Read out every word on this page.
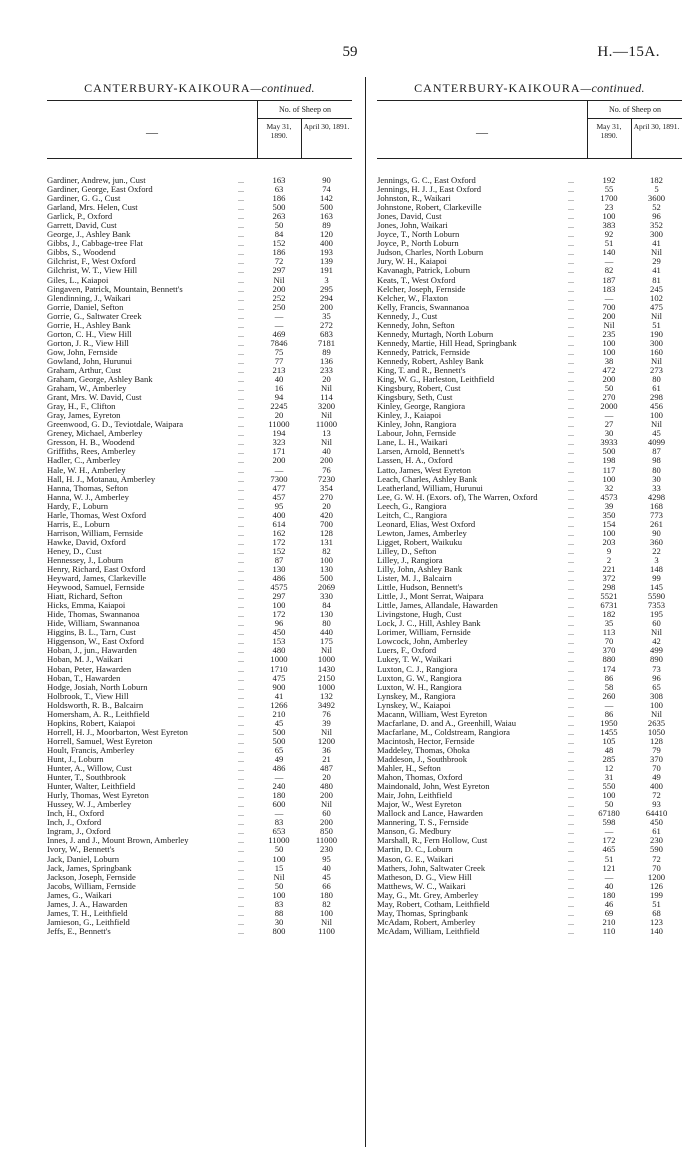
59	H.—15A.
CANTERBURY-KAIKOURA—continued.
—
No. of Sheep on
May 31, 1890.
April 30, 1891.
Gardiner, Andrew, jun., Cust	...	163	90
Gardiner, George, East Oxford	...	63	74
Gardiner, G. G., Cust	...	186	142
Garland, Mrs. Helen, Cust	...	500	500
Garlick, P., Oxford	...	263	163
Garrett, David, Cust	...	50	89
George, J., Ashley Bank	...	84	120
Gibbs, J., Cabbage-tree Flat	...	152	400
Gibbs, S., Woodend	...	186	193
Gilchrist, F., West Oxford	...	72	139
Gilchrist, W. T., View Hill	...	297	191
Giles, L., Kaiapoi	...	Nil	3
Gingaven, Patrick, Mountain, Bennett's	...	200	295
Glendinning, J., Waikari	...	252	294
Gorrie, Daniel, Sefton	...	250	200
Gorrie, G., Saltwater Creek	...	—	35
Gorrie, H., Ashley Bank	...	—	272
Gorton, C. H., View Hill	...	469	683
Gorton, J. R., View Hill	...	7846	7181
Gow, John, Fernside	...	75	89
Gowland, John, Hurunui	...	77	136
Graham, Arthur, Cust	...	213	233
Graham, George, Ashley Bank	...	40	20
Graham, W., Amberley	...	16	Nil
Grant, Mrs. W. David, Cust	...	94	114
Gray, H., F., Clifton	...	2245	3200
Gray, James, Eyreton	...	20	Nil
Greenwood, G. D., Teviotdale, Waipara	...	11000	11000
Greney, Michael, Amberley	...	194	13
Gresson, H. B., Woodend	...	323	Nil
Griffiths, Rees, Amberley	...	171	40
Hadler, C., Amberley	...	200	200
Hale, W. H., Amberley	...	—	76
Hall, H. J., Motanau, Amberley	...	7300	7230
Hanna, Thomas, Sefton	...	477	354
Hanna, W. J., Amberley	...	457	270
Hardy, F., Loburn	...	95	20
Harle, Thomas, West Oxford	...	400	420
Harris, E., Loburn	...	614	700
Harrison, William, Fernside	...	162	128
Hawke, David, Oxford	...	172	131
Heney, D., Cust	...	152	82
Hennessey, J., Loburn	...	87	100
Henry, Richard, East Oxford	...	130	130
Heyward, James, Clarkeville	...	486	500
Heywood, Samuel, Fernside	...	4575	2069
Hiatt, Richard, Sefton	...	297	330
Hicks, Emma, Kaiapoi	...	100	84
Hide, Thomas, Swannanoa	...	172	130
Hide, William, Swannanoa	...	96	80
Higgins, B. L., Tarn, Cust	...	450	440
Higgenson, W., East Oxford	...	153	175
Hoban, J., jun., Hawarden	...	480	Nil
Hoban, M. J., Waikari	...	1000	1000
Hoban, Peter, Hawarden	...	1710	1430
Hoban, T., Hawarden	...	475	2150
Hodge, Josiah, North Loburn	...	900	1000
Holbrook, T., View Hill	...	41	132
Holdsworth, R. B., Balcairn	...	1266	3492
Homersham, A. R., Leithfield	...	210	76
Hopkins, Robert, Kaiapoi	...	45	39
Horrell, H. J., Moorbarton, West Eyreton	...	500	Nil
Horrell, Samuel, West Eyreton	...	500	1200
Hoult, Francis, Amberley	...	65	36
Hunt, J., Loburn	...	49	21
Hunter, A., Willow, Cust	...	486	487
Hunter, T., Southbrook	...	—	20
Hunter, Walter, Leithfield	...	240	480
Hurly, Thomas, West Eyreton	...	180	200
Hussey, W. J., Amberley	...	600	Nil
Inch, H., Oxford	...	—	60
Inch, J., Oxford	...	83	200
Ingram, J., Oxford	...	653	850
Innes, J. and J., Mount Brown, Amberley	...	11000	11000
Ivory, W., Bennett's	...	50	230
Jack, Daniel, Loburn	...	100	95
Jack, James, Springbank	...	15	40
Jackson, Joseph, Fernside	...	Nil	45
Jacobs, William, Fernside	...	50	66
James, G., Waikari	...	100	180
James, J. A., Hawarden	...	83	82
James, T. H., Leithfield	...	88	100
Jamieson, G., Leithfield	...	30	Nil
Jeffs, E., Bennett's	...	800	1100
CANTERBURY-KAIKOURA—continued.
—
No. of Sheep on
May 31, 1890.
April 30, 1891.
Jennings, G. C., East Oxford	...	192	182
Jennings, H. J. J., East Oxford	...	55	5
Johnston, R., Waikari	...	1700	3600
Johnstone, Robert, Clarkeville	...	23	52
Jones, David, Cust	...	100	96
Jones, John, Waikari	...	383	352
Joyce, T., North Loburn	...	92	300
Joyce, P., North Loburn	...	51	41
Judson, Charles, North Loburn	...	140	Nil
Jury, W. H., Kaiapoi	...	—	29
Kavanagh, Patrick, Loburn	...	82	41
Keats, T., West Oxford	...	187	81
Kelcher, Joseph, Fernside	...	183	245
Kelcher, W., Flaxton	...	—	102
Kelly, Francis, Swannanoa	...	700	475
Kennedy, J., Cust	...	200	Nil
Kennedy, John, Sefton	...	Nil	51
Kennedy, Murtagh, North Loburn	...	235	190
Kennedy, Martie, Hill Head, Springbank	...	100	300
Kennedy, Patrick, Fernside	...	100	160
Kennedy, Robert, Ashley Bank	...	38	Nil
King, T. and R., Bennett's	...	472	273
King, W. G., Harleston, Leithfield	...	200	80
Kingsbury, Robert, Cust	...	50	61
Kingsbury, Seth, Cust	...	270	298
Kinley, George, Rangiora	...	2000	456
Kinley, J., Kaiapoi	...	—	100
Kinley, John, Rangiora	...	27	Nil
Labour, John, Fernside	...	30	45
Lane, L. H., Waikari	...	3933	4099
Larsen, Arnold, Bennett's	...	500	87
Lassen, H. A., Oxford	...	198	98
Latto, James, West Eyreton	...	117	80
Leach, Charles, Ashley Bank	...	100	30
Leatherland, William, Hurunui	...	32	33
Lee, G. W. H. (Exors. of), The Warren, Oxford	...	4573	4298
Leech, G., Rangiora	...	39	168
Leitch, C., Rangiora	...	350	773
Leonard, Elias, West Oxford	...	154	261
Lewton, James, Amberley	...	100	90
Ligget, Robert, Waikuku	...	203	360
Lilley, D., Sefton	...	9	22
Lilley, J., Rangiora	...	2	3
Lilly, John, Ashley Bank	...	221	148
Lister, M. J., Balcairn	...	372	99
Little, Hudson, Bennett's	...	298	145
Little, J., Mont Serrat, Waipara	...	5521	5590
Little, James, Allandale, Hawarden	...	6731	7353
Livingstone, Hugh, Cust	...	182	195
Lock, J. C., Hill, Ashley Bank	...	35	60
Lorimer, William, Fernside	...	113	Nil
Lowcock, John, Amberley	...	70	42
Luers, F., Oxford	...	370	499
Lukey, T. W., Waikari	...	880	890
Luxton, C. J., Rangiora	...	174	73
Luxton, G. W., Rangiora	...	86	96
Luxton, W. H., Rangiora	...	58	65
Lynskey, M., Rangiora	...	260	308
Lynskey, W., Kaiapoi	...	—	100
Macann, William, West Eyreton	...	86	Nil
Macfarlane, D. and A., Greenhill, Waiau	...	1950	2635
Macfarlane, M., Coldstream, Rangiora	...	1455	1050
Macintosh, Hector, Fernside	...	105	128
Maddeley, Thomas, Ohoka	...	48	79
Maddeson, J., Southbrook	...	285	370
Mahler, H., Sefton	...	12	70
Mahon, Thomas, Oxford	...	31	49
Maindonald, John, West Eyreton	...	550	400
Mair, John, Leithfield	...	100	72
Major, W., West Eyreton	...	50	93
Mallock and Lance, Hawarden	...	67180	64410
Mannering, T. S., Fernside	...	598	450
Manson, G. Medbury	...	—	61
Marshall, R., Fern Hollow, Cust	...	172	230
Martin, D. C., Loburn	...	465	590
Mason, G. E., Waikari	...	51	72
Mathers, John, Saltwater Creek	...	121	70
Matheson, D. G., View Hill	...	—	1200
Matthews, W. C., Waikari	...	40	126
May, G., Mt. Grey, Amberley	...	180	199
May, Robert, Cotham, Leithfield	...	46	51
May, Thomas, Springbank	...	69	68
McAdam, Robert, Amberley	...	210	123
McAdam, William, Leithfield	...	110	140
